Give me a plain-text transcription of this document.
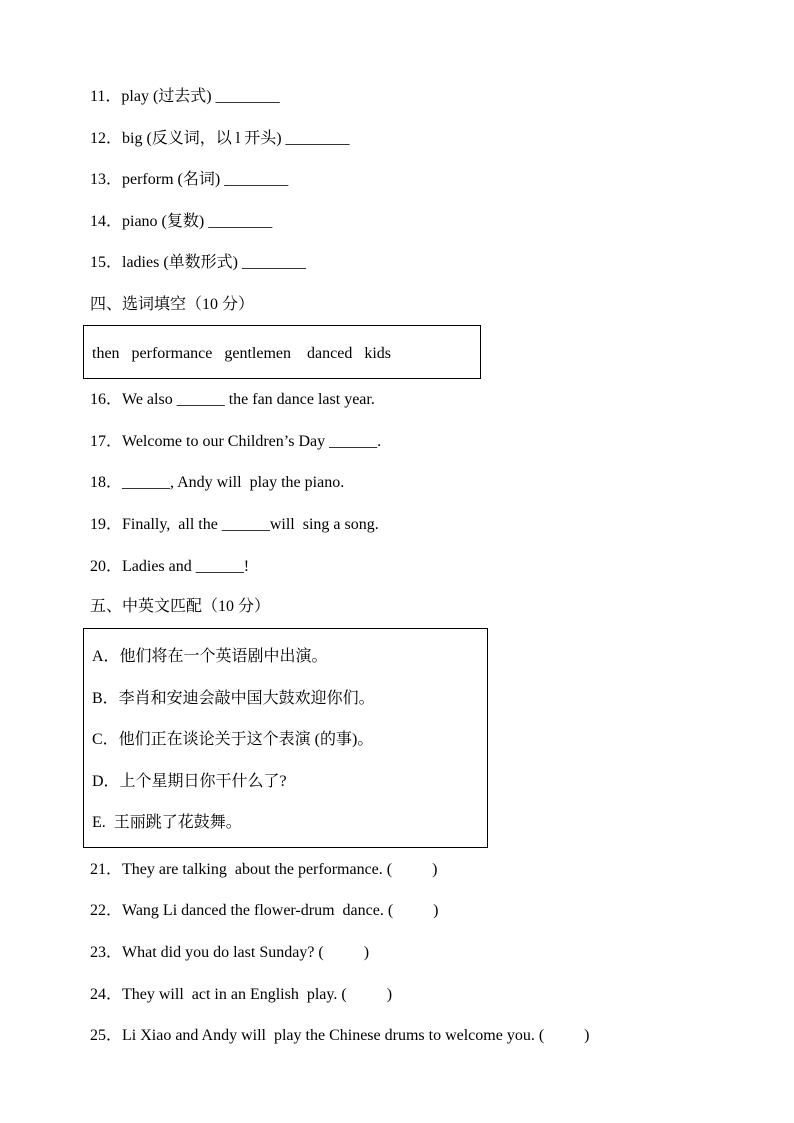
11．play (过去式) ________
12．big (反义词，以 l 开头) ________
13．perform (名词) ________
14．piano (复数) ________
15．ladies (单数形式) ________
四、选词填空（10 分）
then   performance   gentlemen    danced   kids
16．We also ______ the fan dance last year.
17．Welcome to our Children’s Day ______.
18．______, Andy will  play the piano.
19．Finally,  all the ______will  sing a song.
20．Ladies and ______!
五、中英文匹配（10 分）
A．他们将在一个英语剧中出演。
B．李肖和安迪会敲中国大鼓欢迎你们。
C．他们正在谈论关于这个表演 (的事)。
D．上个星期日你干什么了?
E.  王丽跳了花鼓舞。
21．They are talking  about the performance. (          )
22．Wang Li danced the flower-drum  dance. (          )
23．What did you do last Sunday? (          )
24．They will  act in an English  play. (          )
25．Li Xiao and Andy will  play the Chinese drums to welcome you. (          )
